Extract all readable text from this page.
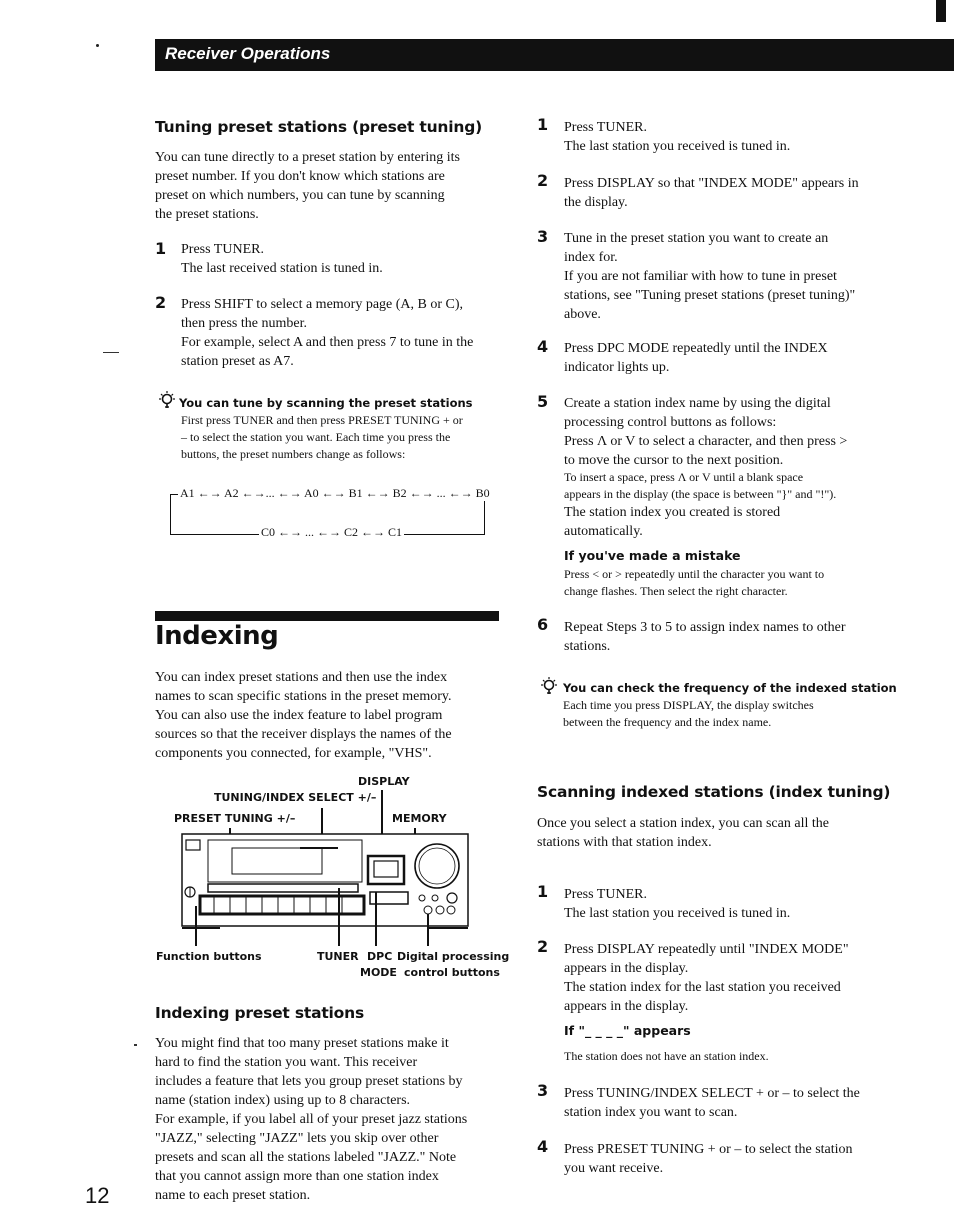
Receiver Operations
Tuning preset stations (preset tuning)

You can tune directly to a preset station by entering its

preset number. If you don't know which stations are

preset on which numbers, you can tune by scanning

the preset stations.

1 Press TUNER.

The last received station is tuned in.

2 Press SHIFT to select a memory page (A, B or C),

then press the number.

For example, select A and then press 7 to tune in the

station preset as A7.

You can tune by scanning the preset stations

First press TUNER and then press PRESET TUNING + or

– to select the station you want. Each time you press the

buttons, the preset numbers change as follows:

A1 ←→ A2 ←→... ←→ A0 ←→ B1 ←→ B2 ←→ ... ←→ B0
C0 ←→ ... ←→ C2 ←→ C1
Indexing

You can index preset stations and then use the index

names to scan specific stations in the preset memory.

You can also use the index feature to label program

sources so that the receiver displays the names of the

components you connected, for example, "VHS".

DISPLAY
TUNING/INDEX SELECT +/–
PRESET TUNING +/–	MEMORY
Function buttons	TUNER DPC
MODE
Digital processing
control buttons
Indexing preset stations

You might find that too many preset stations make it

hard to find the station you want. This receiver

includes a feature that lets you group preset stations by

name (station index) using up to 8 characters.

For example, if you label all of your preset jazz stations

"JAZZ," selecting "JAZZ" lets you skip over other

presets and scan all the stations labeled "JAZZ." Note

that you cannot assign more than one station index

name to each preset station.

12
1 Press TUNER.

The last station you received is tuned in.

2 Press DISPLAY so that "INDEX MODE" appears in

the display.

3 Tune in the preset station you want to create an

index for.

If you are not familiar with how to tune in preset

stations, see "Tuning preset stations (preset tuning)"

above.

4 Press DPC MODE repeatedly until the INDEX

indicator lights up.

5 Create a station index name by using the digital

processing control buttons as follows:

Press Λ or V to select a character, and then press >

to move the cursor to the next position.

To insert a space, press Λ or V until a blank space

appears in the display (the space is between "}" and "!").

The station index you created is stored

automatically.

If you've made a mistake

Press < or > repeatedly until the character you want to

change flashes. Then select the right character.

6 Repeat Steps 3 to 5 to assign index names to other

stations.

You can check the frequency of the indexed station

Each time you press DISPLAY, the display switches

between the frequency and the index name.

Scanning indexed stations (index tuning)

Once you select a station index, you can scan all the

stations with that station index.

1 Press TUNER.

The last station you received is tuned in.

2 Press DISPLAY repeatedly until "INDEX MODE"

appears in the display.

The station index for the last station you received

appears in the display.

If "_ _ _ _" appears
The station does not have an station index.
3 Press TUNING/INDEX SELECT + or – to select the

station index you want to scan.

4 Press PRESET TUNING + or – to select the station

you want receive.
